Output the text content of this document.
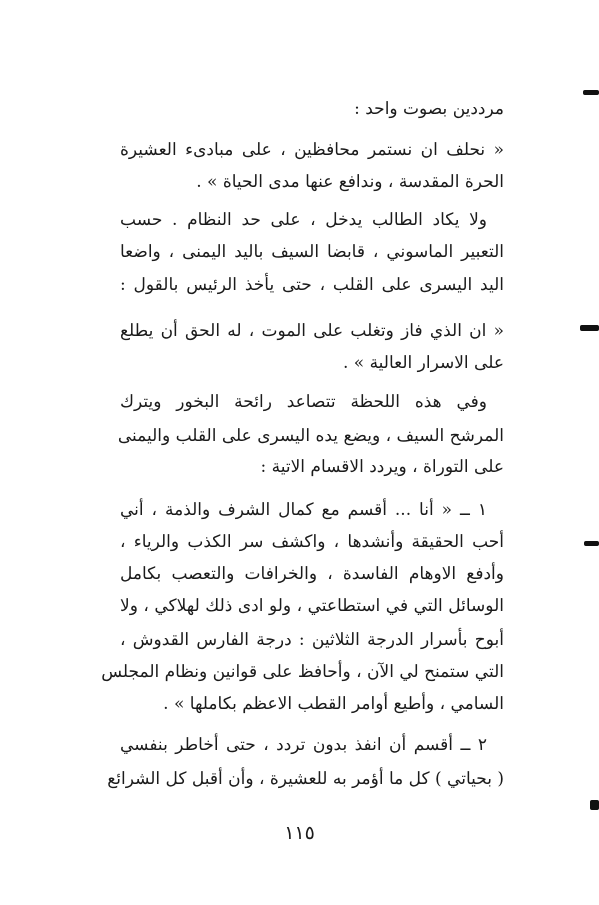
مرددين بصوت واحد :
« نحلف ان نستمر محافظين ، على مبادىء العشيرة
الحرة المقدسة ، وندافع عنها مدى الحياة » .
ولا يكاد الطالب يدخل ، على حد النظام . حسب
التعبير الماسوني ، قابضا السيف باليد اليمنى ، واضعا
اليد اليسرى على القلب ، حتى يأخذ الرئيس بالقول :
« ان الذي فاز وتغلب على الموت ، له الحق أن يطلع
على الاسرار العالية » .
وفي هذه اللحظة تتصاعد رائحة البخور ويترك
المرشح السيف ، ويضع يده اليسرى على القلب واليمنى
على التوراة ، ويردد الاقسام الاتية :
١ ــ « أنا ... أقسم مع كمال الشرف والذمة ، أني
أحب الحقيقة وأنشدها ، واكشف سر الكذب والرياء ،
وأدفع الاوهام الفاسدة ، والخرافات والتعصب بكامل
الوسائل التي في استطاعتي ، ولو ادى ذلك لهلاكي ، ولا
أبوح بأسرار الدرجة الثلاثين : درجة الفارس القدوش ،
التي ستمنح لي الآن ، وأحافظ على قوانين ونظام المجلس
السامي ، وأطيع أوامر القطب الاعظم بكاملها » .
٢ ــ أقسم أن انفذ بدون تردد ، حتى أخاطر بنفسي
( بحياتي ) كل ما أؤمر به للعشيرة ، وأن أقبل كل الشرائع
١١٥
